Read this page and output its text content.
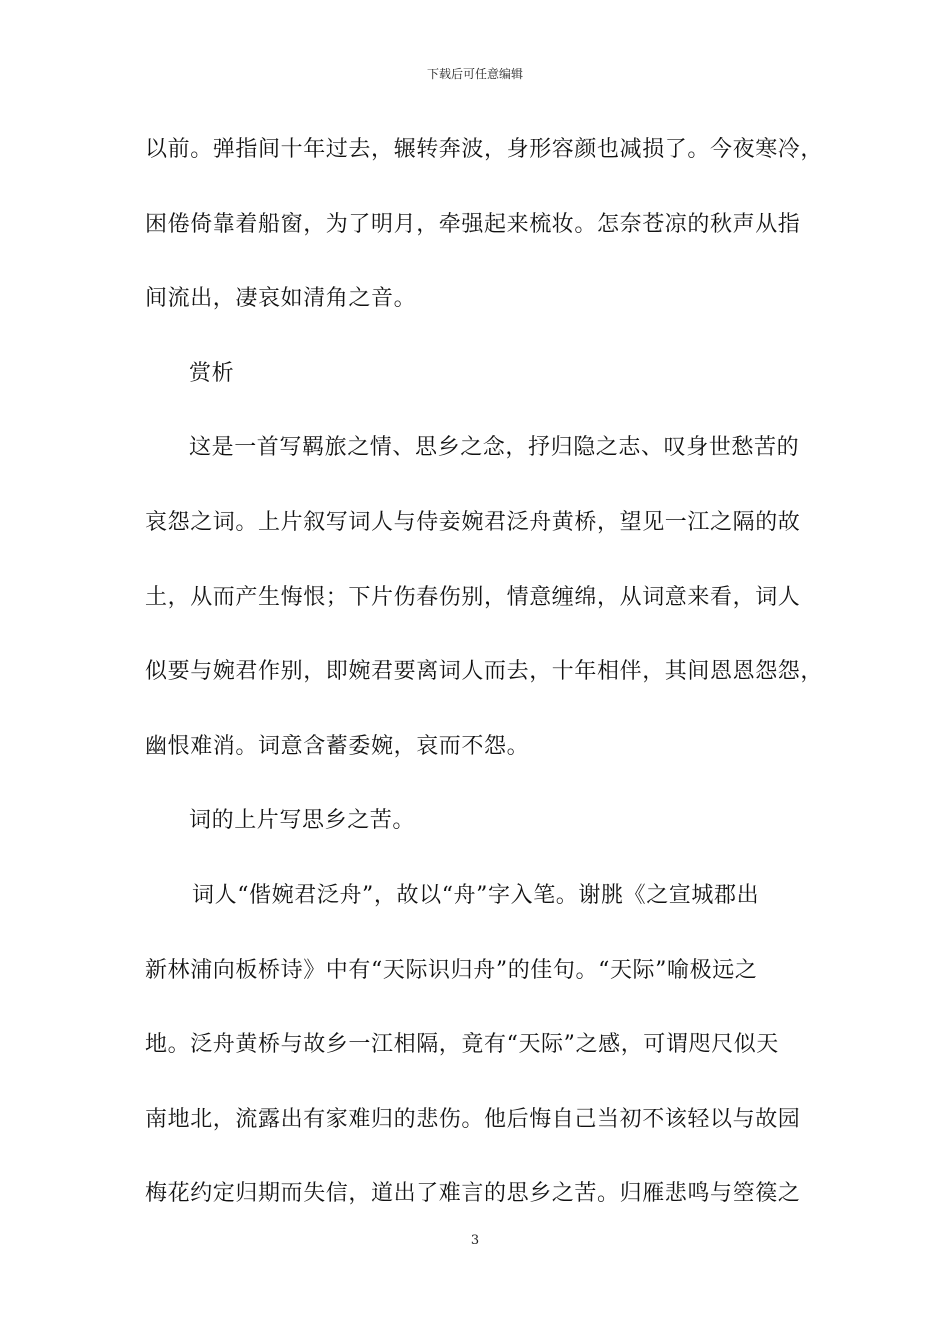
下载后可任意编辑
以前。弹指间十年过去，辗转奔波，身形容颜也减损了。今夜寒冷，
困倦倚靠着船窗，为了明月，牵强起来梳妆。怎奈苍凉的秋声从指
间流出，凄哀如清角之音。
赏析
这是一首写羁旅之情、思乡之念，抒归隐之志、叹身世愁苦的
哀怨之词。上片叙写词人与侍妾婉君泛舟黄桥，望见一江之隔的故
土，从而产生悔恨；下片伤春伤别，情意缠绵，从词意来看，词人
似要与婉君作别，即婉君要离词人而去，十年相伴，其间恩恩怨怨，
幽恨难消。词意含蓄委婉，哀而不怨。
词的上片写思乡之苦。
词人“偕婉君泛舟”，故以“舟”字入笔。谢朓《之宣城郡出
新林浦向板桥诗》中有“天际识归舟”的佳句。“天际”喻极远之
地。泛舟黄桥与故乡一江相隔，竟有“天际”之感，可谓咫尺似天
南地北，流露出有家难归的悲伤。他后悔自己当初不该轻以与故园
梅花约定归期而失信，道出了难言的思乡之苦。归雁悲鸣与箜篌之
3
